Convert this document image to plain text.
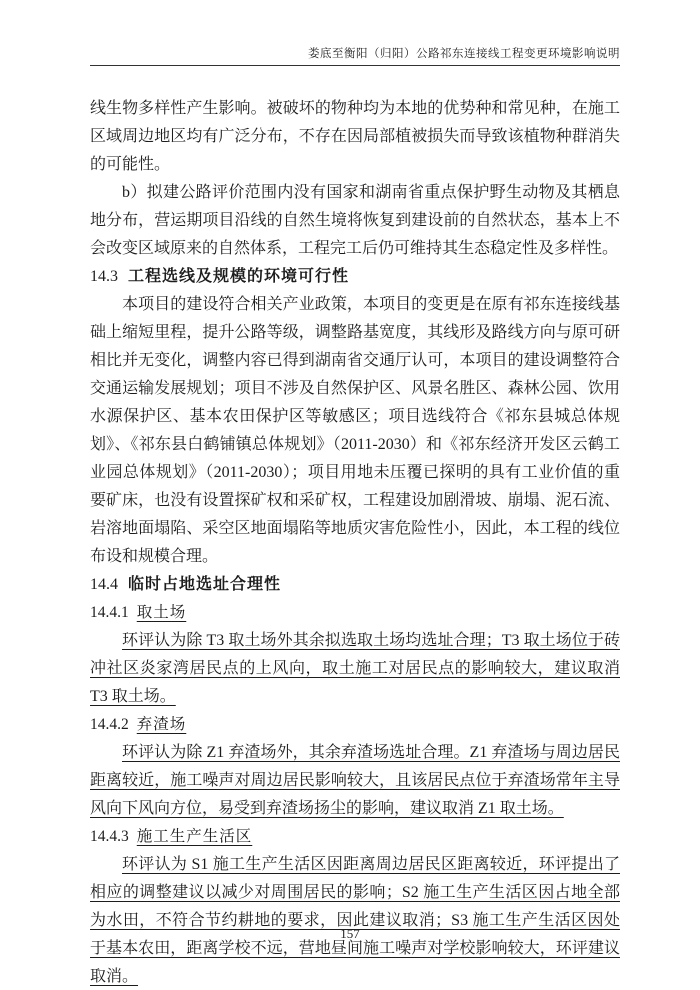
娄底至衡阳（归阳）公路祁东连接线工程变更环境影响说明

线生物多样性产生影响。被破坏的物种均为本地的优势种和常见种，在施工区域周边地区均有广泛分布，不存在因局部植被损失而导致该植物种群消失的可能性。

b）拟建公路评价范围内没有国家和湖南省重点保护野生动物及其栖息地分布，营运期项目沿线的自然生境将恢复到建设前的自然状态，基本上不会改变区域原来的自然体系，工程完工后仍可维持其生态稳定性及多样性。

14.3 工程选线及规模的环境可行性

本项目的建设符合相关产业政策，本项目的变更是在原有祁东连接线基础上缩短里程，提升公路等级，调整路基宽度，其线形及路线方向与原可研相比并无变化，调整内容已得到湖南省交通厅认可，本项目的建设调整符合交通运输发展规划；项目不涉及自然保护区、风景名胜区、森林公园、饮用水源保护区、基本农田保护区等敏感区；项目选线符合《祁东县城总体规划》、《祁东县白鹤铺镇总体规划》（2011-2030）和《祁东经济开发区云鹤工业园总体规划》（2011-2030）；项目用地未压覆已探明的具有工业价值的重要矿床，也没有设置探矿权和采矿权，工程建设加剧滑坡、崩塌、泥石流、岩溶地面塌陷、采空区地面塌陷等地质灾害危险性小，因此，本工程的线位布设和规模合理。

14.4 临时占地选址合理性

14.4.1 取土场

环评认为除 T3 取土场外其余拟选取土场均选址合理；T3 取土场位于砖冲社区炎家湾居民点的上风向，取土施工对居民点的影响较大，建议取消 T3 取土场。

14.4.2 弃渣场

环评认为除 Z1 弃渣场外，其余弃渣场选址合理。Z1 弃渣场与周边居民距离较近，施工噪声对周边居民影响较大，且该居民点位于弃渣场常年主导风向下风向方位，易受到弃渣场扬尘的影响，建议取消 Z1 取土场。

14.4.3 施工生产生活区

环评认为 S1 施工生产生活区因距离周边居民区距离较近，环评提出了相应的调整建议以减少对周围居民的影响；S2 施工生产生活区因占地全部为水田，不符合节约耕地的要求，因此建议取消；S3 施工生产生活区因处于基本农田，距离学校不远，营地昼间施工噪声对学校影响较大，环评建议取消。

157
